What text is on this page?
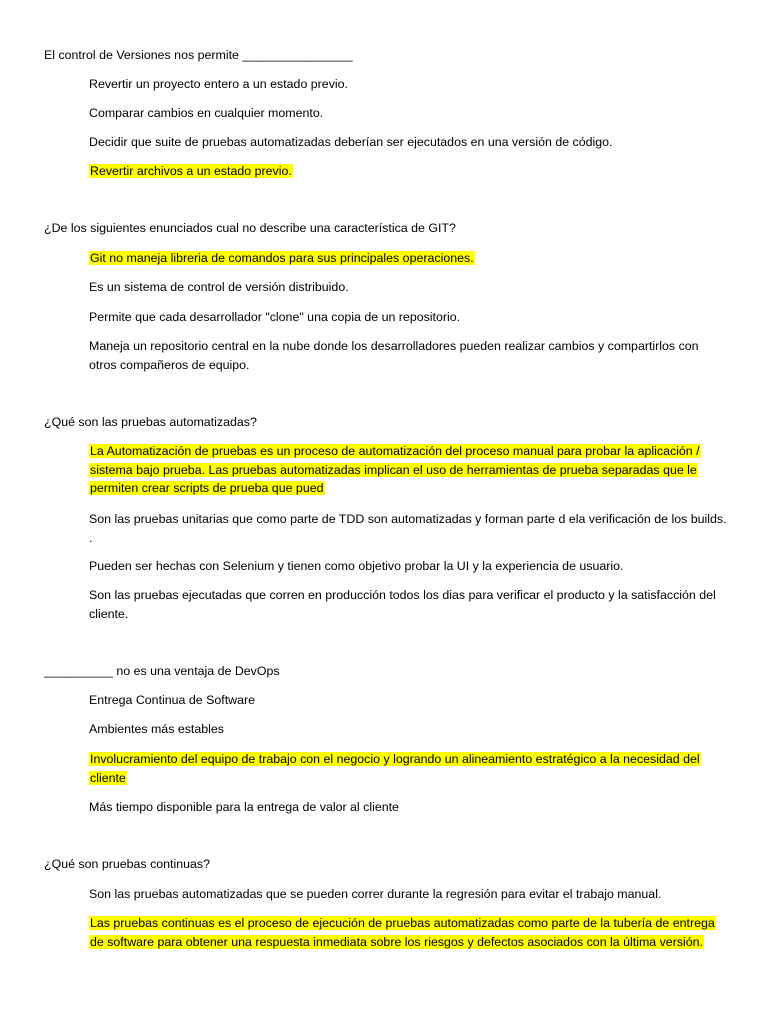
El control de Versiones nos permite ________________
Revertir un proyecto entero a un estado previo.
Comparar cambios en cualquier momento.
Decidir que suite de pruebas automatizadas deberían ser ejecutados en una versión de código.
Revertir archivos a un estado previo.
¿De los siguientes enunciados cual no describe una característica de GIT?
Git no maneja libreria de comandos para sus principales operaciones.
Es un sistema de control de versión distribuido.
Permite que cada desarrollador "clone" una copia de un repositorio.
Maneja un repositorio central en la nube donde los desarrolladores pueden realizar cambios y compartirlos con otros compañeros de equipo.
¿Qué son las pruebas automatizadas?
La Automatización de pruebas es un proceso de automatización del proceso manual para probar la aplicación / sistema bajo prueba. Las pruebas automatizadas implican el uso de herramientas de prueba separadas que le permiten crear scripts de prueba que pued
Son las pruebas unitarias que como parte de TDD son automatizadas y forman parte d ela verificación de los builds. .
Pueden ser hechas con Selenium y tienen como objetivo probar la UI y la experiencia de usuario.
Son las pruebas ejecutadas que corren en producción todos los dias para verificar el producto y la satisfacción del cliente.
__________ no es una ventaja de DevOps
Entrega Continua de Software
Ambientes más estables
Involucramiento del equipo de trabajo con el negocio y logrando un alineamiento estratégico a la necesidad del cliente
Más tiempo disponible para la entrega de valor al cliente
¿Qué son pruebas continuas?
Son las pruebas automatizadas que se pueden correr durante la regresión para evitar el trabajo manual.
Las pruebas continuas es el proceso de ejecución de pruebas automatizadas como parte de la tubería de entrega de software para obtener una respuesta inmediata sobre los riesgos y defectos asociados con la última versión.
